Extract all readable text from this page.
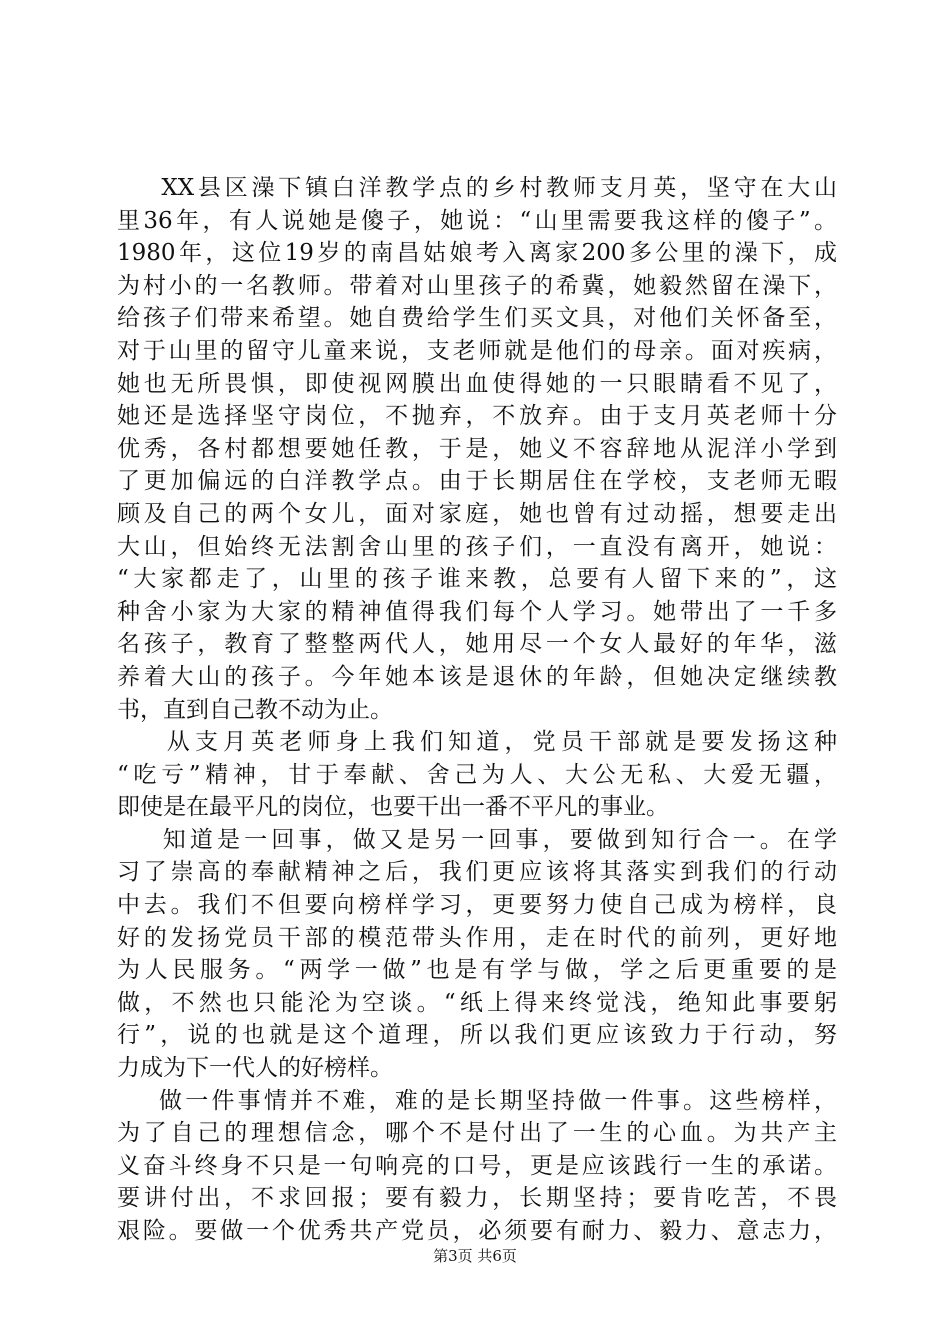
XX县区澡下镇白洋教学点的乡村教师支月英，坚守在大山
里36年，有人说她是傻子，她说：“山里需要我这样的傻子”。
1980年，这位19岁的南昌姑娘考入离家200多公里的澡下，成
为村小的一名教师。带着对山里孩子的希冀，她毅然留在澡下，
给孩子们带来希望。她自费给学生们买文具，对他们关怀备至，
对于山里的留守儿童来说，支老师就是他们的母亲。面对疾病，
她也无所畏惧，即使视网膜出血使得她的一只眼睛看不见了，
她还是选择坚守岗位，不抛弃，不放弃。由于支月英老师十分
优秀，各村都想要她任教，于是，她义不容辞地从泥洋小学到
了更加偏远的白洋教学点。由于长期居住在学校，支老师无暇
顾及自己的两个女儿，面对家庭，她也曾有过动摇，想要走出
大山，但始终无法割舍山里的孩子们，一直没有离开，她说：
“大家都走了，山里的孩子谁来教，总要有人留下来的”，这
种舍小家为大家的精神值得我们每个人学习。她带出了一千多
名孩子，教育了整整两代人，她用尽一个女人最好的年华，滋
养着大山的孩子。今年她本该是退休的年龄，但她决定继续教
书，直到自己教不动为止。
从支月英老师身上我们知道，党员干部就是要发扬这种
“吃亏”精神，甘于奉献、舍己为人、大公无私、大爱无疆，
即使是在最平凡的岗位，也要干出一番不平凡的事业。
知道是一回事，做又是另一回事，要做到知行合一。在学
习了崇高的奉献精神之后，我们更应该将其落实到我们的行动
中去。我们不但要向榜样学习，更要努力使自己成为榜样，良
好的发扬党员干部的模范带头作用，走在时代的前列，更好地
为人民服务。“两学一做”也是有学与做，学之后更重要的是
做，不然也只能沦为空谈。“纸上得来终觉浅，绝知此事要躬
行”，说的也就是这个道理，所以我们更应该致力于行动，努
力成为下一代人的好榜样。
做一件事情并不难，难的是长期坚持做一件事。这些榜样，
为了自己的理想信念，哪个不是付出了一生的心血。为共产主
义奋斗终身不只是一句响亮的口号，更是应该践行一生的承诺。
要讲付出，不求回报；要有毅力，长期坚持；要肯吃苦，不畏
艰险。要做一个优秀共产党员，必须要有耐力、毅力、意志力，
第3页 共6页
